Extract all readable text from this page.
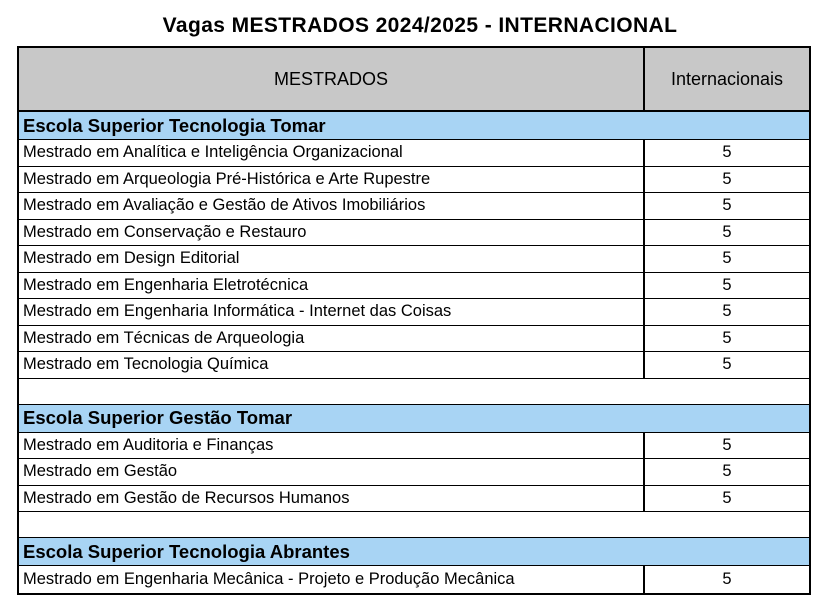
Vagas MESTRADOS 2024/2025 - INTERNACIONAL
MESTRADOS	Internacionais
Escola Superior Tecnologia Tomar
Mestrado em Analítica e Inteligência Organizacional	5
Mestrado em Arqueologia Pré-Histórica e Arte Rupestre	5
Mestrado em Avaliação e Gestão de Ativos Imobiliários	5
Mestrado em Conservação e Restauro	5
Mestrado em Design Editorial	5
Mestrado em Engenharia Eletrotécnica	5
Mestrado em Engenharia Informática - Internet das Coisas	5
Mestrado em Técnicas de Arqueologia	5
Mestrado em Tecnologia Química	5
Escola Superior Gestão Tomar
Mestrado em Auditoria e Finanças	5
Mestrado em Gestão	5
Mestrado em Gestão de Recursos Humanos	5
Escola Superior Tecnologia Abrantes
Mestrado em Engenharia Mecânica - Projeto e Produção Mecânica	5
